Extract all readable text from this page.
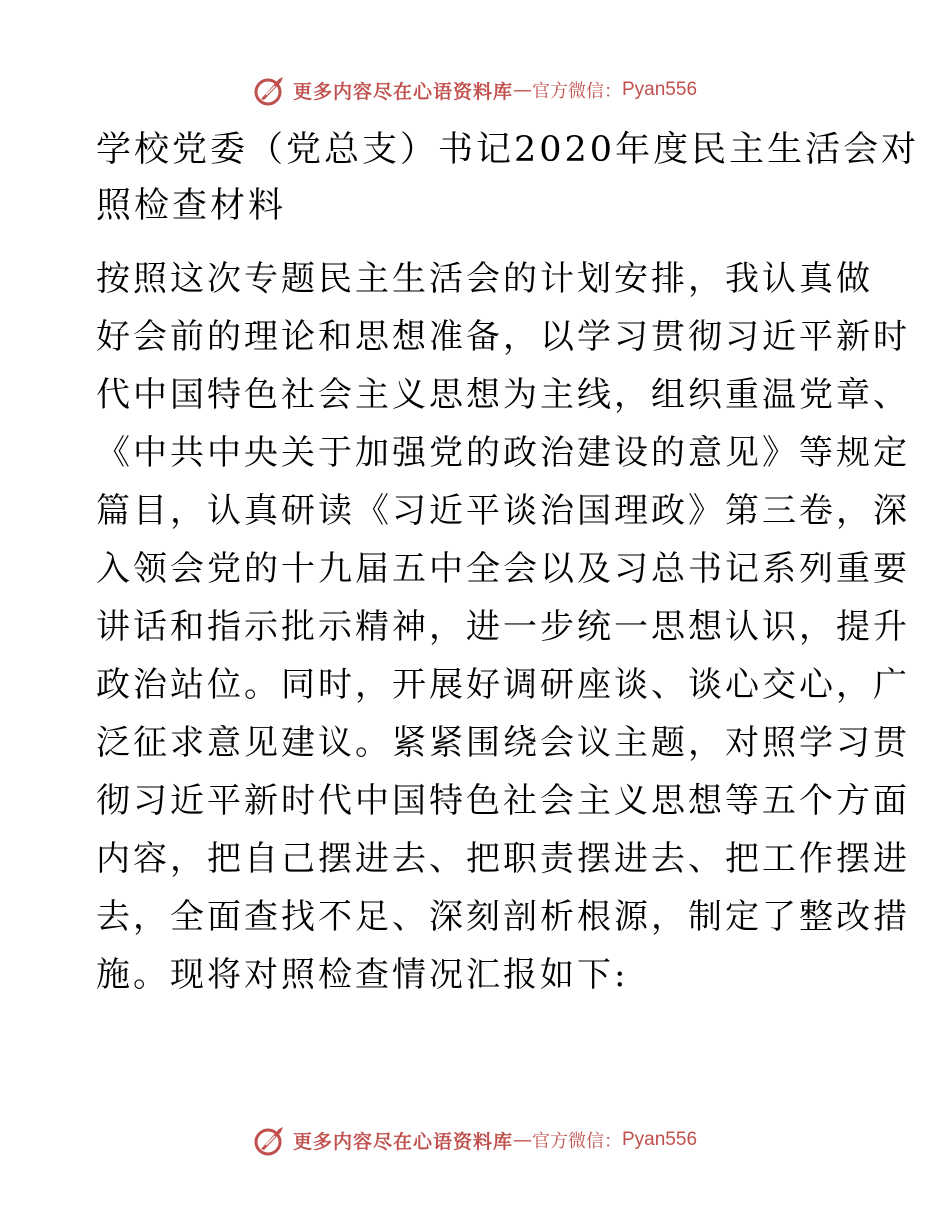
更多内容尽在心语资料库 — 官方微信： Pyan556
学校党委（党总支）书记2020年度民主生活会对
照检查材料
按照这次专题民主生活会的计划安排，我认真做
好会前的理论和思想准备，以学习贯彻习近平新时
代中国特色社会主义思想为主线，组织重温党章、
《中共中央关于加强党的政治建设的意见》等规定
篇目，认真研读《习近平谈治国理政》第三卷，深
入领会党的十九届五中全会以及习总书记系列重要
讲话和指示批示精神，进一步统一思想认识，提升
政治站位。同时，开展好调研座谈、谈心交心，广
泛征求意见建议。紧紧围绕会议主题，对照学习贯
彻习近平新时代中国特色社会主义思想等五个方面
内容，把自己摆进去、把职责摆进去、把工作摆进
去，全面查找不足、深刻剖析根源，制定了整改措
施。现将对照检查情况汇报如下:
更多内容尽在心语资料库 — 官方微信： Pyan556
